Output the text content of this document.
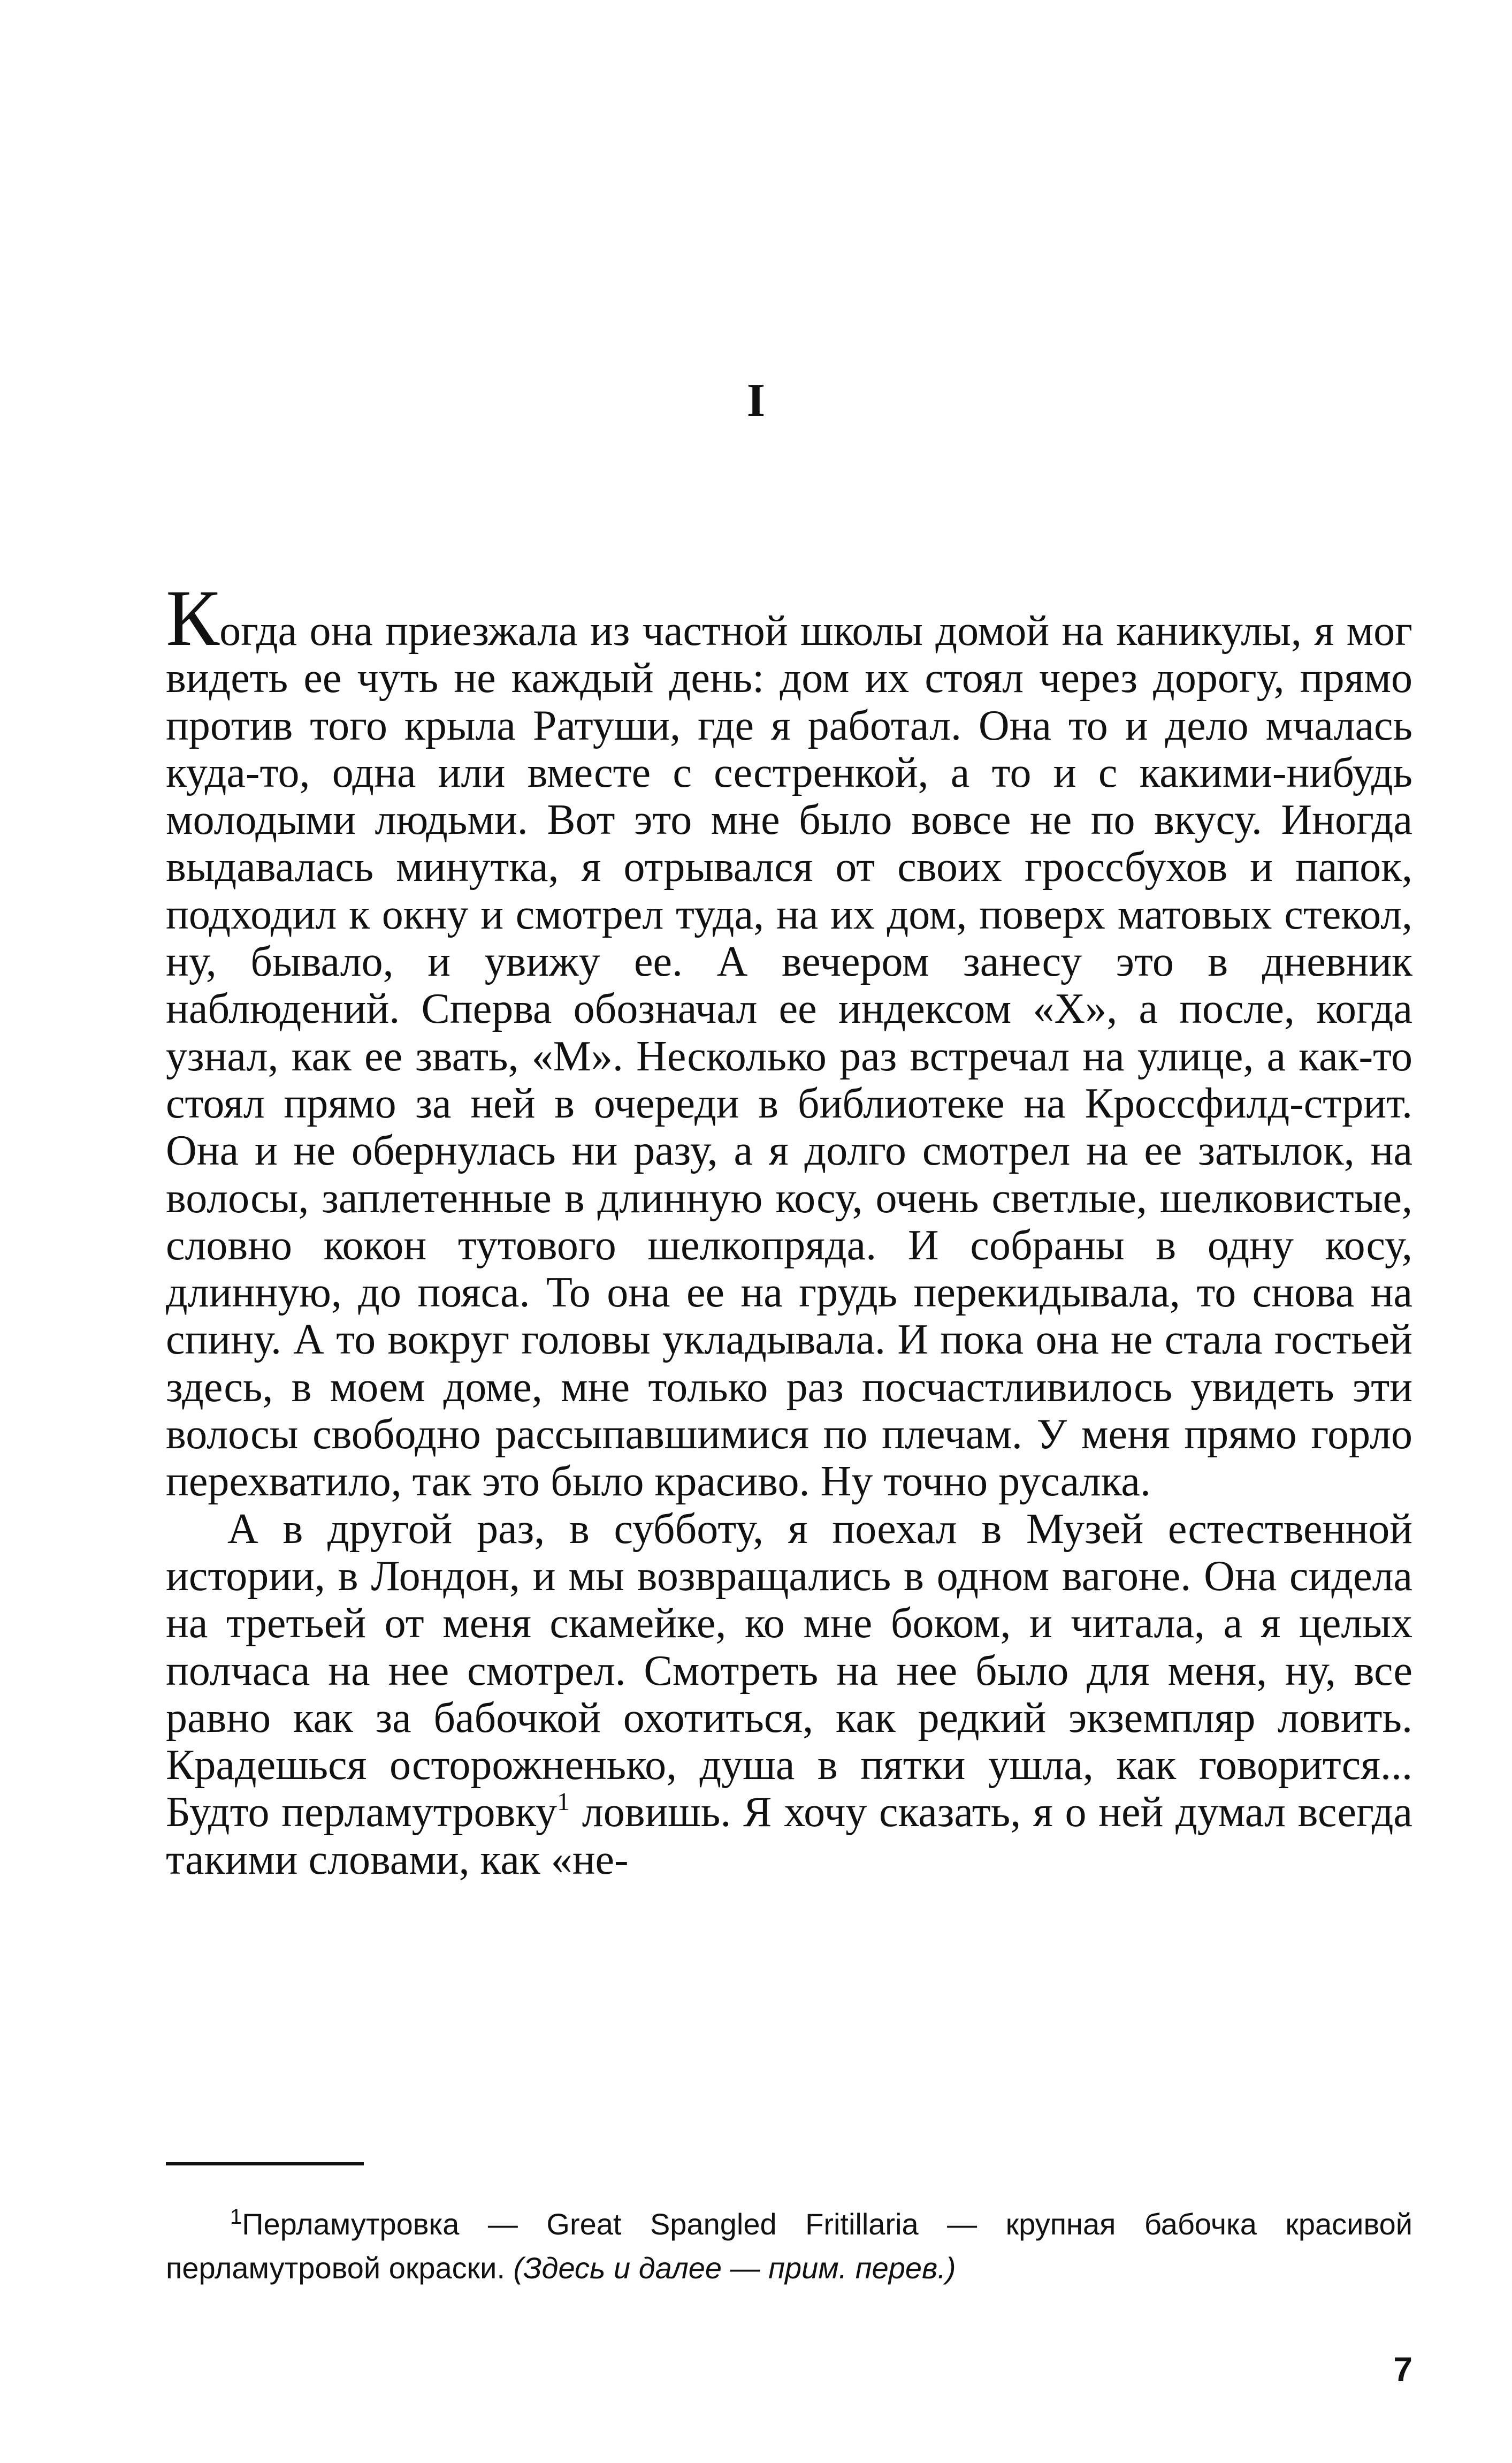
I

Когда она приезжала из частной школы домой на каникулы, я мог видеть ее чуть не каждый день: дом их стоял через дорогу, прямо против того крыла Ратуши, где я работал. Она то и дело мчалась куда-то, одна или вместе с сестренкой, а то и с какими-нибудь молодыми людьми. Вот это мне было вовсе не по вкусу. Иногда выдавалась минутка, я отрывался от своих гроссбухов и папок, подходил к окну и смотрел туда, на их дом, поверх матовых стекол, ну, бывало, и увижу ее. А вечером занесу это в дневник наблюдений. Сперва обозначал ее индексом «Х», а после, когда узнал, как ее звать, «М». Несколько раз встречал на улице, а как-то стоял прямо за ней в очереди в библиотеке на Кроссфилд-стрит. Она и не обернулась ни разу, а я долго смотрел на ее затылок, на волосы, заплетенные в длинную косу, очень светлые, шелковистые, словно кокон тутового шелкопряда. И собраны в одну косу, длинную, до пояса. То она ее на грудь перекидывала, то снова на спину. А то вокруг головы укладывала. И пока она не стала гостьей здесь, в моем доме, мне только раз посчастливилось увидеть эти волосы свободно рассыпавшимися по плечам. У меня прямо горло перехватило, так это было красиво. Ну точно русалка.

А в другой раз, в субботу, я поехал в Музей естественной истории, в Лондон, и мы возвращались в одном вагоне. Она сидела на третьей от меня скамейке, ко мне боком, и читала, а я целых полчаса на нее смотрел. Смотреть на нее было для меня, ну, все равно как за бабочкой охотиться, как редкий экземпляр ловить. Крадешься осторожненько, душа в пятки ушла, как говорится... Будто перламутровку$^1$ ловишь. Я хочу сказать, я о ней думал всегда такими словами, как «не-

$^1$Перламутровка — Great Spangled Fritillaria — крупная бабочка красивой перламутровой окраски. (Здесь и далее — прим. перев.)
7
